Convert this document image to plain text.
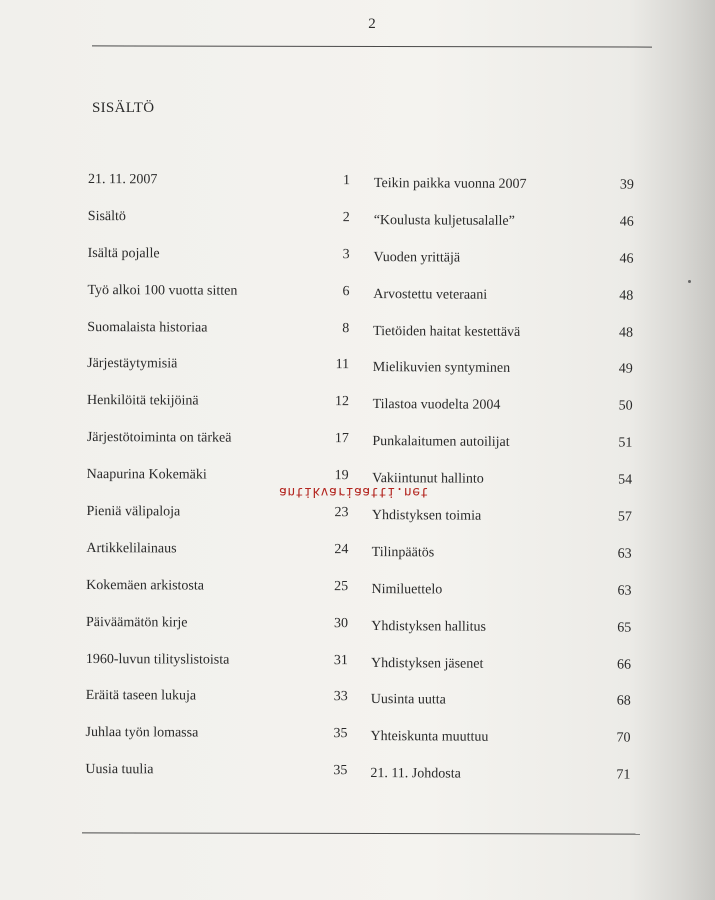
2
SISÄLTÖ
21. 11. 2007	1
Sisältö	2
Isältä pojalle	3
Työ alkoi 100 vuotta sitten	6
Suomalaista historiaa	8
Järjestäytymisiä	11
Henkilöitä tekijöinä	12
Järjestötoiminta on tärkeä	17
Naapurina Kokemäki	19
Pieniä välipaloja	23
Artikkelilainaus	24
Kokemäen arkistosta	25
Päiväämätön kirje	30
1960-luvun tilityslistoista	31
Eräitä taseen lukuja	33
Juhlaa työn lomassa	35
Uusia tuulia	35
Teikin paikka vuonna 2007	39
“Koulusta kuljetusalalle”	46
Vuoden yrittäjä	46
Arvostettu veteraani	48
Tietöiden haitat kestettävä	48
Mielikuvien syntyminen	49
Tilastoa vuodelta 2004	50
Punkalaitumen autoilijat	51
Vakiintunut hallinto	54
Yhdistyksen toimia	57
Tilinpäätös	63
Nimiluettelo	63
Yhdistyksen hallitus	65
Yhdistyksen jäsenet	66
Uusinta uutta	68
Yhteiskunta muuttuu	70
21. 11. Johdosta	71
antikvariaatti.net
